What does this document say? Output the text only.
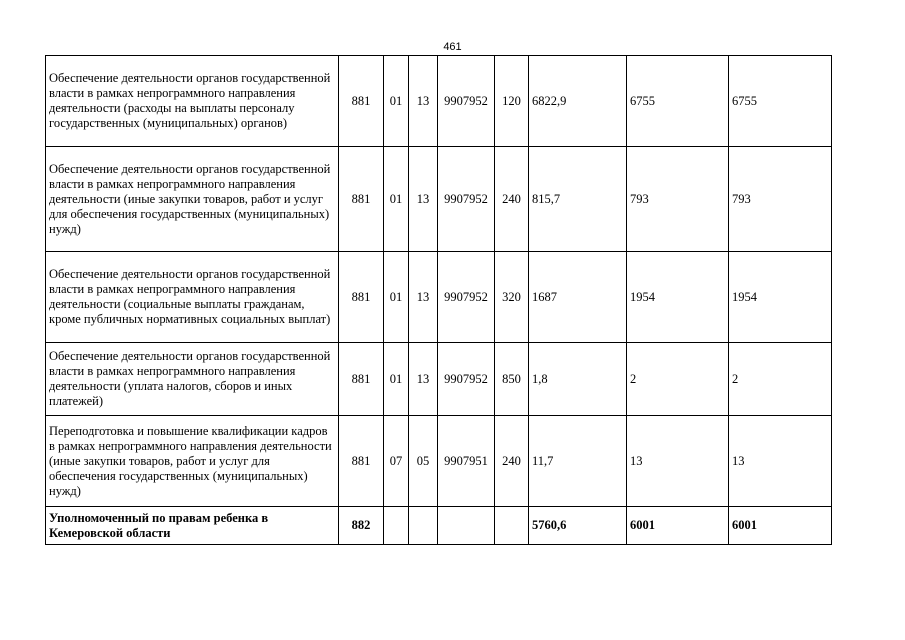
461
Обеспечение деятельности органов государственной власти в рамках непрограммного направления деятельности (расходы на выплаты персоналу государственных (муниципальных) органов)	881	01	13	9907952	120	6822,9	6755	6755
Обеспечение деятельности органов государственной власти в рамках непрограммного направления деятельности (иные закупки товаров, работ и услуг для обеспечения государственных (муниципальных) нужд)	881	01	13	9907952	240	815,7	793	793
Обеспечение деятельности органов государственной власти в рамках непрограммного направления деятельности (социальные выплаты гражданам, кроме публичных нормативных социальных выплат)	881	01	13	9907952	320	1687	1954	1954
Обеспечение деятельности органов государственной власти в рамках непрограммного направления деятельности (уплата налогов, сборов и иных платежей)	881	01	13	9907952	850	1,8	2	2
Переподготовка и повышение квалификации кадров в рамках непрограммного направления деятельности (иные закупки товаров, работ и услуг для обеспечения государственных (муниципальных) нужд)	881	07	05	9907951	240	11,7	13	13
Уполномоченный по правам ребенка в Кемеровской области	882					5760,6	6001	6001
